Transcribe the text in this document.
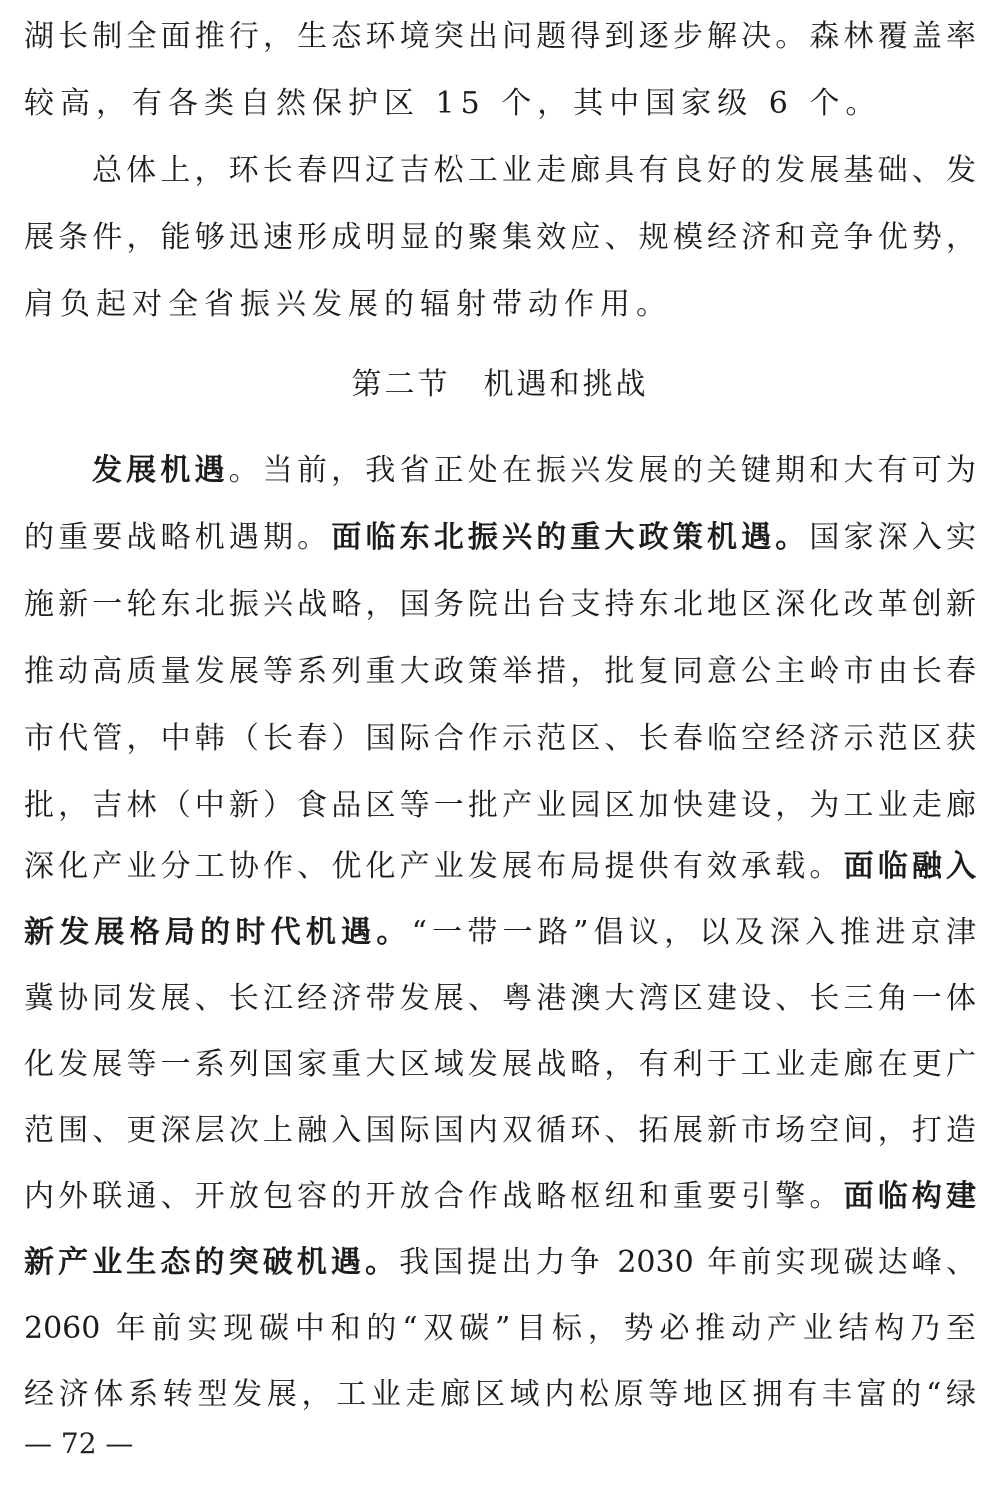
湖长制全面推行，生态环境突出问题得到逐步解决。森林覆盖率
较高，有各类自然保护区 15 个，其中国家级 6 个。
总体上，环长春四辽吉松工业走廊具有良好的发展基础、发
展条件，能够迅速形成明显的聚集效应、规模经济和竞争优势，
肩负起对全省振兴发展的辐射带动作用。
第二节　机遇和挑战
发展机遇。当前，我省正处在振兴发展的关键期和大有可为
的重要战略机遇期。面临东北振兴的重大政策机遇。国家深入实
施新一轮东北振兴战略，国务院出台支持东北地区深化改革创新
推动高质量发展等系列重大政策举措，批复同意公主岭市由长春
市代管，中韩（长春）国际合作示范区、长春临空经济示范区获
批，吉林（中新）食品区等一批产业园区加快建设，为工业走廊
深化产业分工协作、优化产业发展布局提供有效承载。面临融入
新发展格局的时代机遇。“一带一路”倡议，以及深入推进京津
冀协同发展、长江经济带发展、粤港澳大湾区建设、长三角一体
化发展等一系列国家重大区域发展战略，有利于工业走廊在更广
范围、更深层次上融入国际国内双循环、拓展新市场空间，打造
内外联通、开放包容的开放合作战略枢纽和重要引擎。面临构建
新产业生态的突破机遇。我国提出力争 2030 年前实现碳达峰、
2060 年前实现碳中和的“双碳”目标，势必推动产业结构乃至
经济体系转型发展，工业走廊区域内松原等地区拥有丰富的“绿
— 72 —
